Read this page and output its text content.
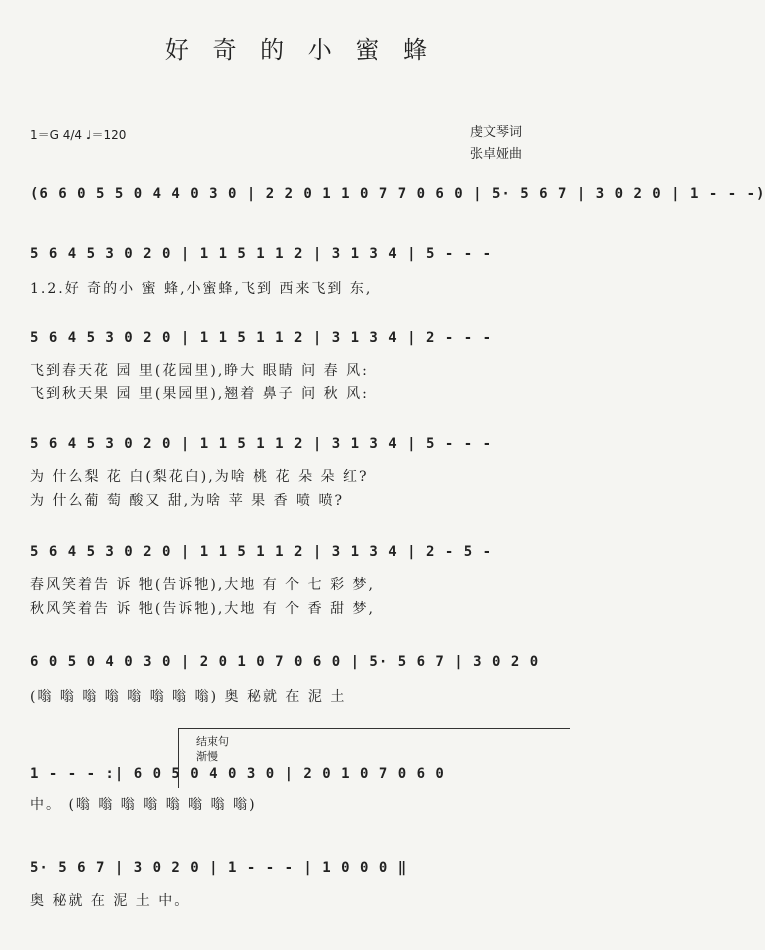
好 奇 的 小 蜜 蜂
1＝G 4/4 ♩＝120	虔文琴词
张卓娅曲
(6 6 0 5 5 0 4 4 0 3 0 | 2 2 0 1 1 0 7 7 0 6 0 | 5· 5 6 7 | 3 0 2 0 | 1 - - -)
5 6 4 5 3 0 2 0 | 1 1 5 1 1 2 | 3 1 3 4 | 5 - - -
1.2.好 奇的小 蜜 蜂,小蜜蜂,飞到 西来飞到 东,
5 6 4 5 3 0 2 0 | 1 1 5 1 1 2 | 3 1 3 4 | 2 - - -
飞到春天花 园 里(花园里),睁大 眼睛 问 春 风:
飞到秋天果 园 里(果园里),翘着 鼻子 问 秋 风:
5 6 4 5 3 0 2 0 | 1 1 5 1 1 2 | 3 1 3 4 | 5 - - -
为 什么梨 花 白(梨花白),为啥 桃 花 朵 朵 红?
为 什么葡 萄 酸又 甜,为啥 苹 果 香 喷 喷?
5 6 4 5 3 0 2 0 | 1 1 5 1 1 2 | 3 1 3 4 | 2 - 5 -
春风笑着告 诉 牠(告诉牠),大地 有 个 七 彩 梦,
秋风笑着告 诉 牠(告诉牠),大地 有 个 香 甜 梦,
6 0 5 0 4 0 3 0 | 2 0 1 0 7 0 6 0 | 5· 5 6 7 | 3 0 2 0
(嗡 嗡 嗡 嗡 嗡 嗡 嗡 嗡) 奥 秘就 在 泥 土
结束句
渐慢
1 - - - :| 6 0 5 0 4 0 3 0 | 2 0 1 0 7 0 6 0
中。 (嗡 嗡 嗡 嗡 嗡 嗡 嗡 嗡)
5· 5 6 7 | 3 0 2 0 | 1 - - - | 1 0 0 0 ‖
奥 秘就 在 泥 土 中。
